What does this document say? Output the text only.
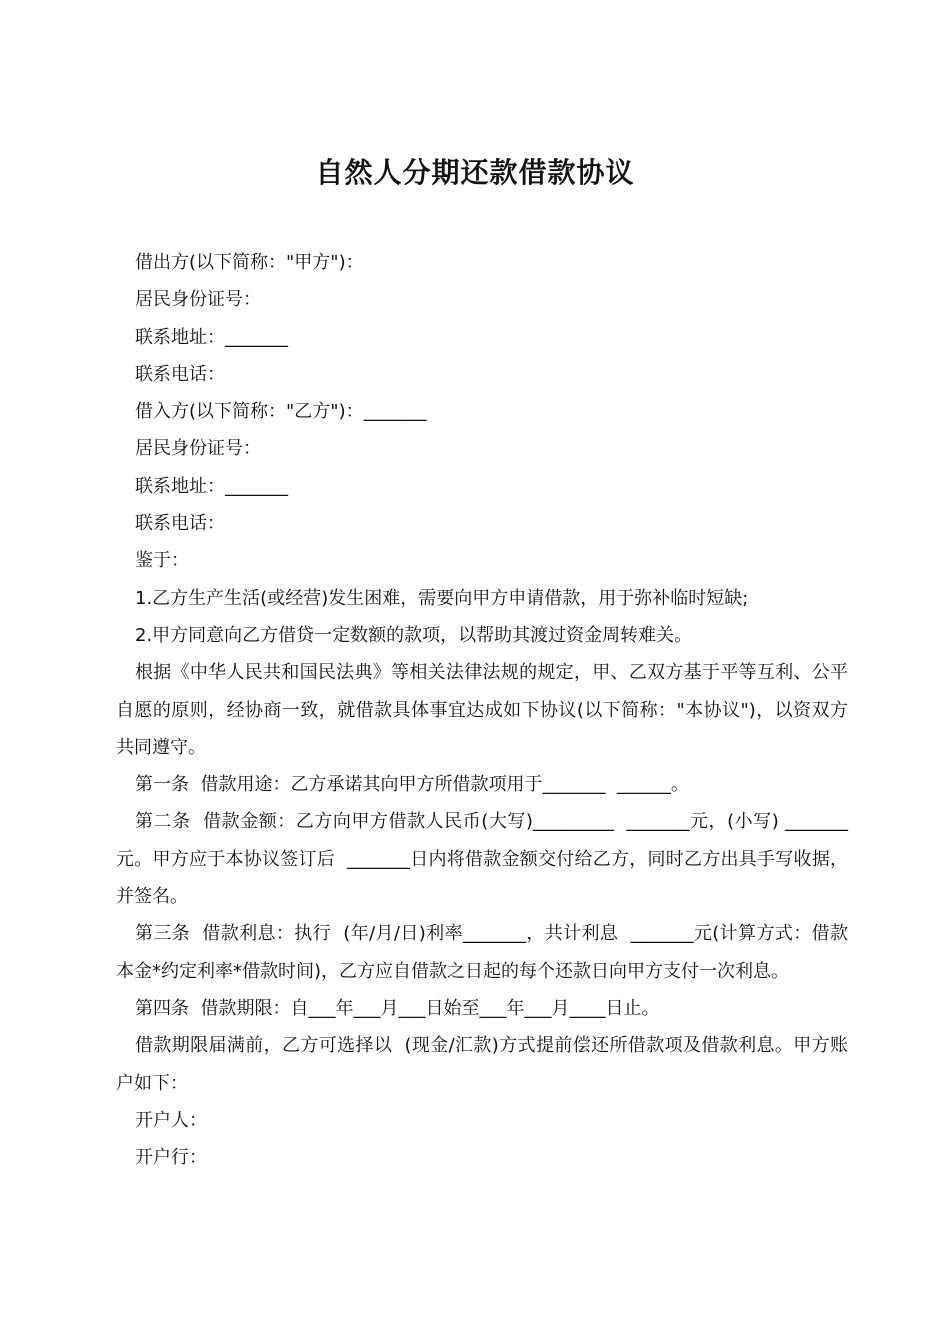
自然人分期还款借款协议

借出方(以下简称："甲方")：

居民身份证号：

联系地址：_______

联系电话：

借入方(以下简称："乙方")：_______

居民身份证号：

联系地址：_______

联系电话：

鉴于：

1.乙方生产生活(或经营)发生困难，需要向甲方申请借款，用于弥补临时短缺;

2.甲方同意向乙方借贷一定数额的款项，以帮助其渡过资金周转难关。

根据《中华人民共和国民法典》等相关法律法规的规定，甲、乙双方基于平等互利、公平自愿的原则，经协商一致，就借款具体事宜达成如下协议(以下简称："本协议")，以资双方共同遵守。

第一条  借款用途：乙方承诺其向甲方所借款项用于_______  ______。

第二条  借款金额：乙方向甲方借款人民币(大写)_________  _______元，(小写) _______元。甲方应于本协议签订后  _______日内将借款金额交付给乙方，同时乙方出具手写收据，并签名。

第三条  借款利息：执行  (年/月/日)利率_______，共计利息  _______元(计算方式：借款本金*约定利率*借款时间)，乙方应自借款之日起的每个还款日向甲方支付一次利息。

第四条  借款期限：自___年___月___日始至___年___月____日止。

借款期限届满前，乙方可选择以  (现金/汇款)方式提前偿还所借款项及借款利息。甲方账户如下：

开户人：

开户行：
